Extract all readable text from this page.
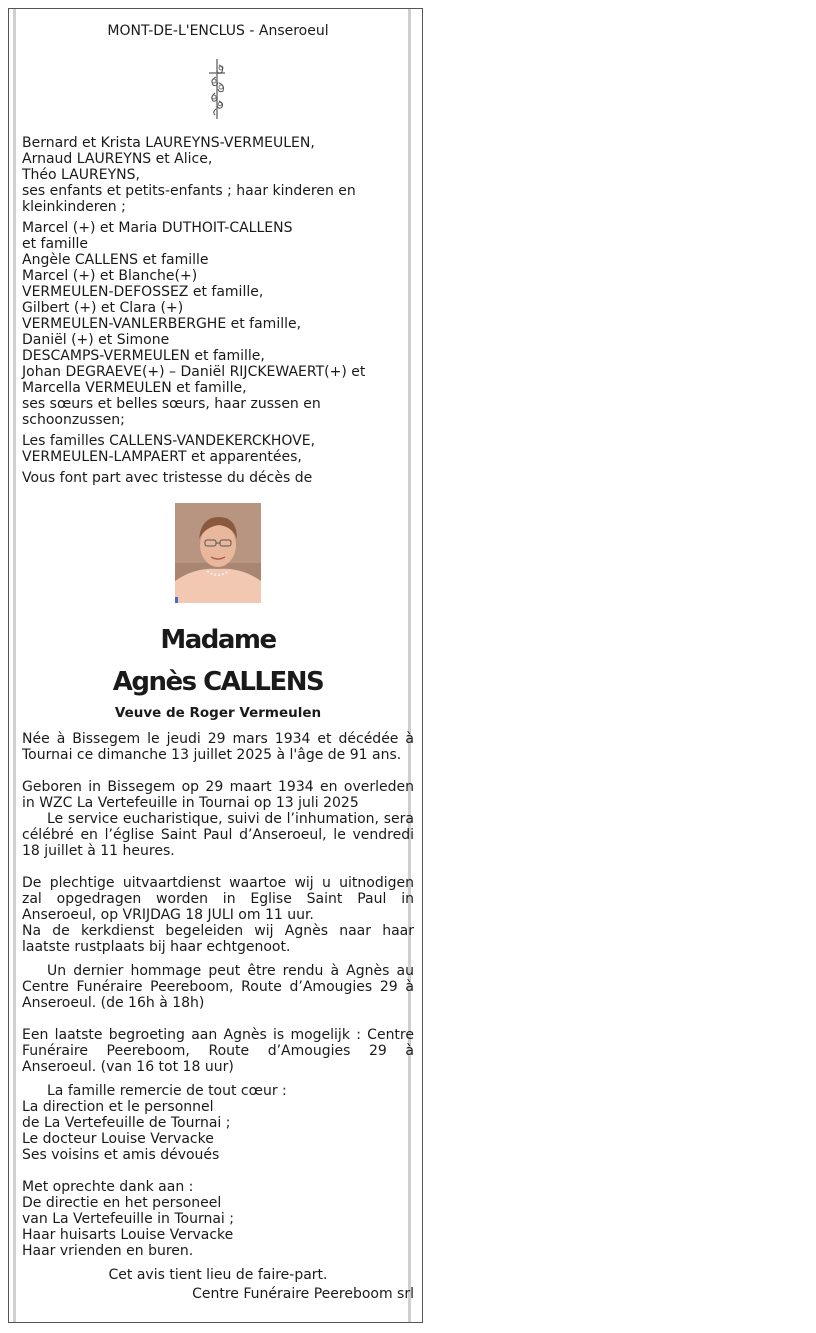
MONT-DE-L'ENCLUS - Anseroeul

Bernard et Krista LAUREYNS-VERMEULEN,

Arnaud LAUREYNS et Alice,

Théo LAUREYNS,

ses enfants et petits-enfants ; haar kinderen en

kleinkinderen ;

Marcel (+) et Maria DUTHOIT-CALLENS

et famille

Angèle CALLENS et famille

Marcel (+) et Blanche(+)

VERMEULEN-DEFOSSEZ et famille,

Gilbert (+) et Clara (+)

VERMEULEN-VANLERBERGHE et famille,

Daniël (+) et Simone

DESCAMPS-VERMEULEN et famille,

Johan DEGRAEVE(+) – Daniël RIJCKEWAERT(+) et

Marcella VERMEULEN et famille,

ses sœurs et belles sœurs, haar zussen en

schoonzussen;

Les familles CALLENS-VANDEKERCKHOVE,

VERMEULEN-LAMPAERT et apparentées,

Vous font part avec tristesse du décès de

Madame

Agnès CALLENS

Veuve de Roger Vermeulen

Née à Bissegem le jeudi 29 mars 1934 et décédée à Tournai ce dimanche 13 juillet 2025 à l'âge de 91 ans.

Geboren in Bissegem op 29 maart 1934 en overleden in WZC La Vertefeuille in Tournai op 13 juli 2025

Le service eucharistique, suivi de l’inhumation, sera célébré en l’église Saint Paul d’Anseroeul, le vendredi 18 juillet à 11 heures.

De plechtige uitvaartdienst waartoe wij u uitnodigen zal opgedragen worden in Eglise Saint Paul in Anseroeul, op VRIJDAG 18 JULI om 11 uur.

Na de kerkdienst begeleiden wij Agnès naar haar laatste rustplaats bij haar echtgenoot.

Un dernier hommage peut être rendu à Agnès au Centre Funéraire Peereboom, Route d’Amougies 29 à Anseroeul. (de 16h à 18h)

Een laatste begroeting aan Agnès is mogelijk : Centre Funéraire Peereboom, Route d’Amougies 29 à Anseroeul. (van 16 tot 18 uur)

La famille remercie de tout cœur :

La direction et le personnel

de La Vertefeuille de Tournai ;

Le docteur Louise Vervacke

Ses voisins et amis dévoués

Met oprechte dank aan :

De directie en het personeel

van La Vertefeuille in Tournai ;

Haar huisarts Louise Vervacke

Haar vrienden en buren.

Cet avis tient lieu de faire-part.

Centre Funéraire Peereboom srl
